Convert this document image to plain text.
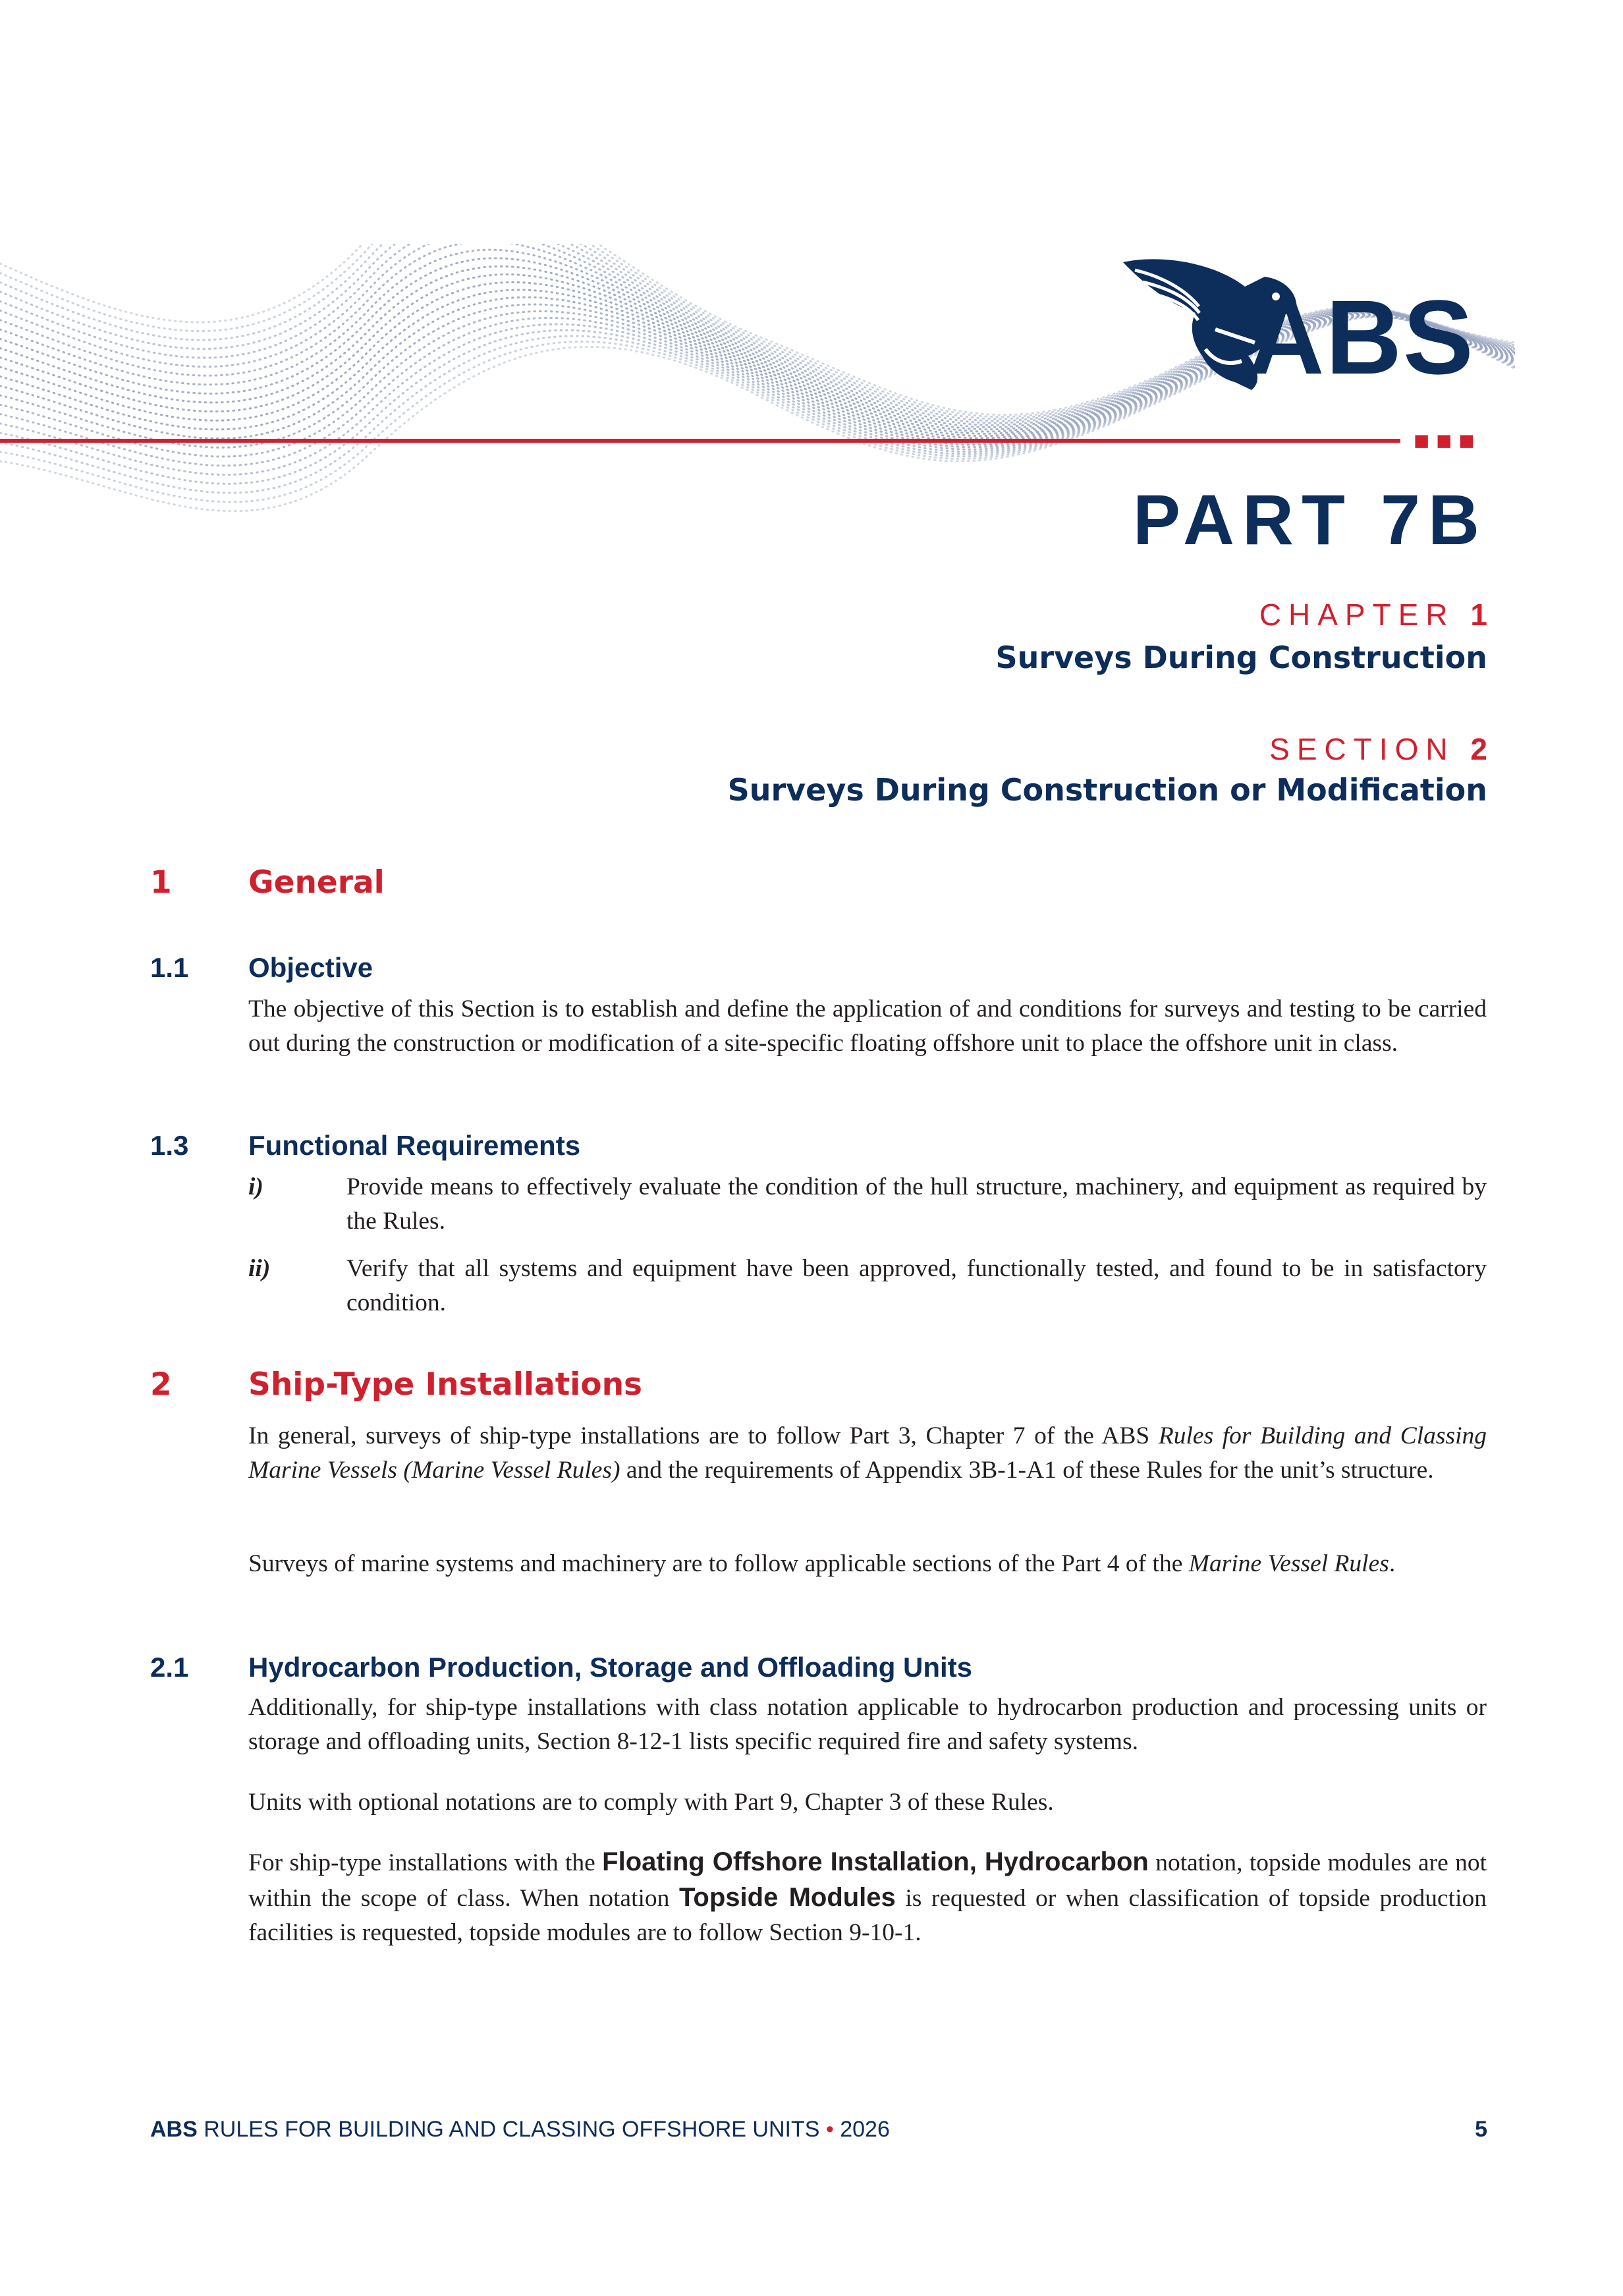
■■■
ABS
PART 7B
CHAPTER 1
Surveys During Construction
SECTION 2
Surveys During Construction or Modification
1 General
1.1 Objective

The objective of this Section is to establish and define the application of and conditions for surveys and testing to be carried out during the construction or modification of a site-specific floating offshore unit to place the offshore unit in class.

1.3 Functional Requirements
i)	Provide means to effectively evaluate the condition of the hull structure, machinery, and equipment as required by the Rules.

ii)	Verify that all systems and equipment have been approved, functionally tested, and found to be in satisfactory condition.

2 Ship-Type Installations

In general, surveys of ship-type installations are to follow Part 3, Chapter 7 of the ABS Rules for Building and Classing Marine Vessels (Marine Vessel Rules) and the requirements of Appendix 3B-1-A1 of these Rules for the unit’s structure.

Surveys of marine systems and machinery are to follow applicable sections of the Part 4 of the Marine Vessel Rules.

2.1 Hydrocarbon Production, Storage and Offloading Units

Additionally, for ship-type installations with class notation applicable to hydrocarbon production and processing units or storage and offloading units, Section 8-12-1 lists specific required fire and safety systems.

Units with optional notations are to comply with Part 9, Chapter 3 of these Rules.

For ship-type installations with the Floating Offshore Installation, Hydrocarbon notation, topside modules are not within the scope of class. When notation Topside Modules is requested or when classification of topside production facilities is requested, topside modules are to follow Section 9-10-1.

ABS RULES FOR BUILDING AND CLASSING OFFSHORE UNITS • 2026	5
